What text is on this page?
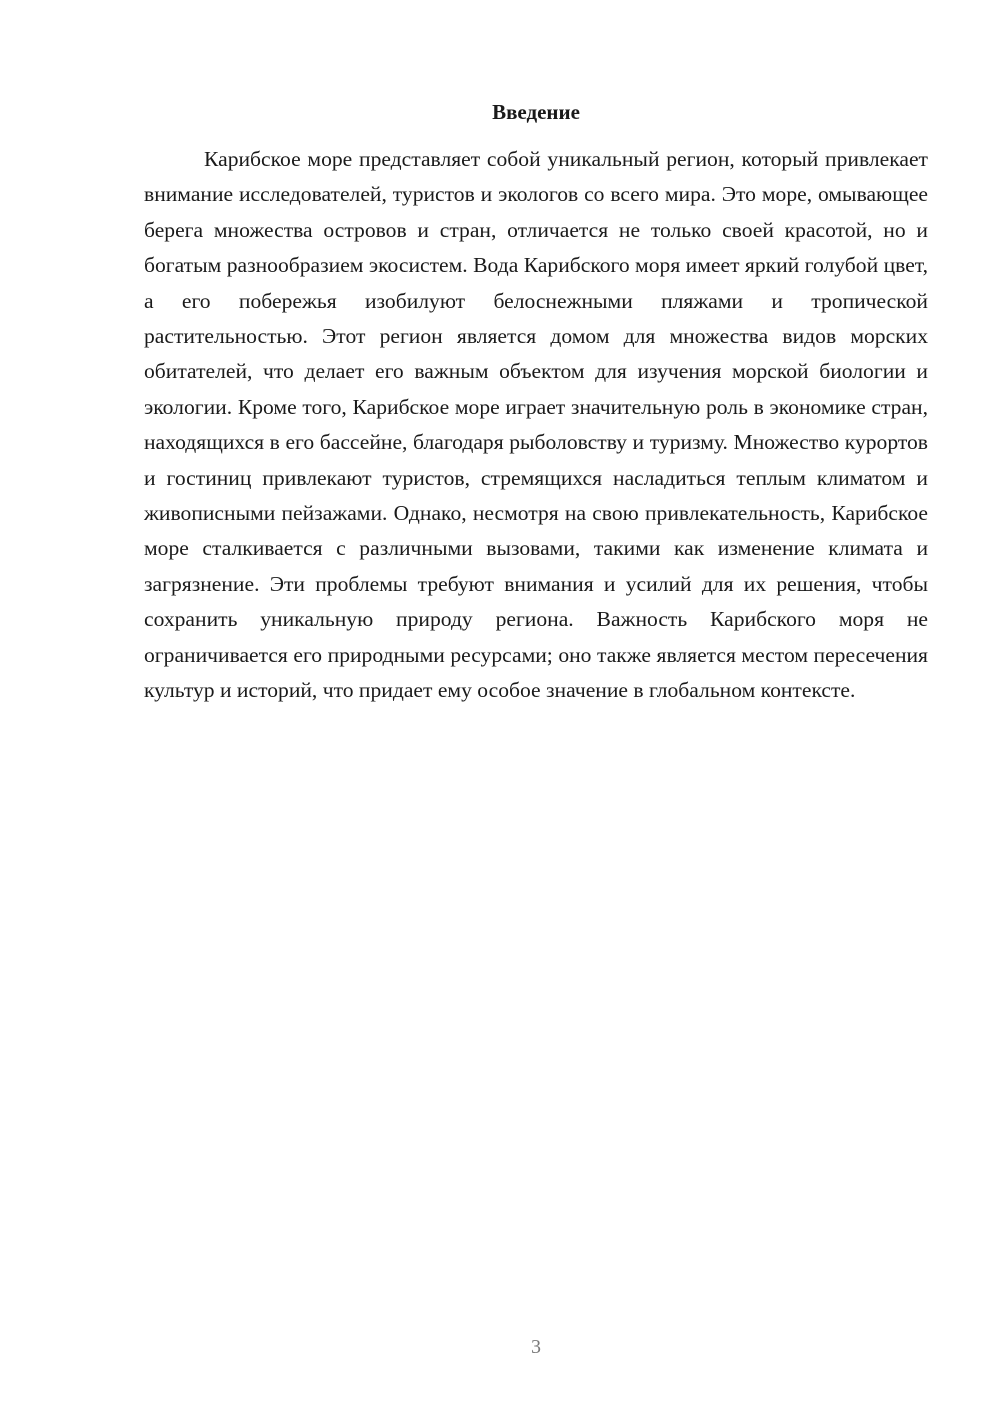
Введение

Карибское море представляет собой уникальный регион, который привлекает внимание исследователей, туристов и экологов со всего мира. Это море, омывающее берега множества островов и стран, отличается не только своей красотой, но и богатым разнообразием экосистем. Вода Карибского моря имеет яркий голубой цвет, а его побережья изобилуют белоснежными пляжами и тропической растительностью. Этот регион является домом для множества видов морских обитателей, что делает его важным объектом для изучения морской биологии и экологии. Кроме того, Карибское море играет значительную роль в экономике стран, находящихся в его бассейне, благодаря рыболовству и туризму. Множество курортов и гостиниц привлекают туристов, стремящихся насладиться теплым климатом и живописными пейзажами. Однако, несмотря на свою привлекательность, Карибское море сталкивается с различными вызовами, такими как изменение климата и загрязнение. Эти проблемы требуют внимания и усилий для их решения, чтобы сохранить уникальную природу региона. Важность Карибского моря не ограничивается его природными ресурсами; оно также является местом пересечения культур и историй, что придает ему особое значение в глобальном контексте.

3
